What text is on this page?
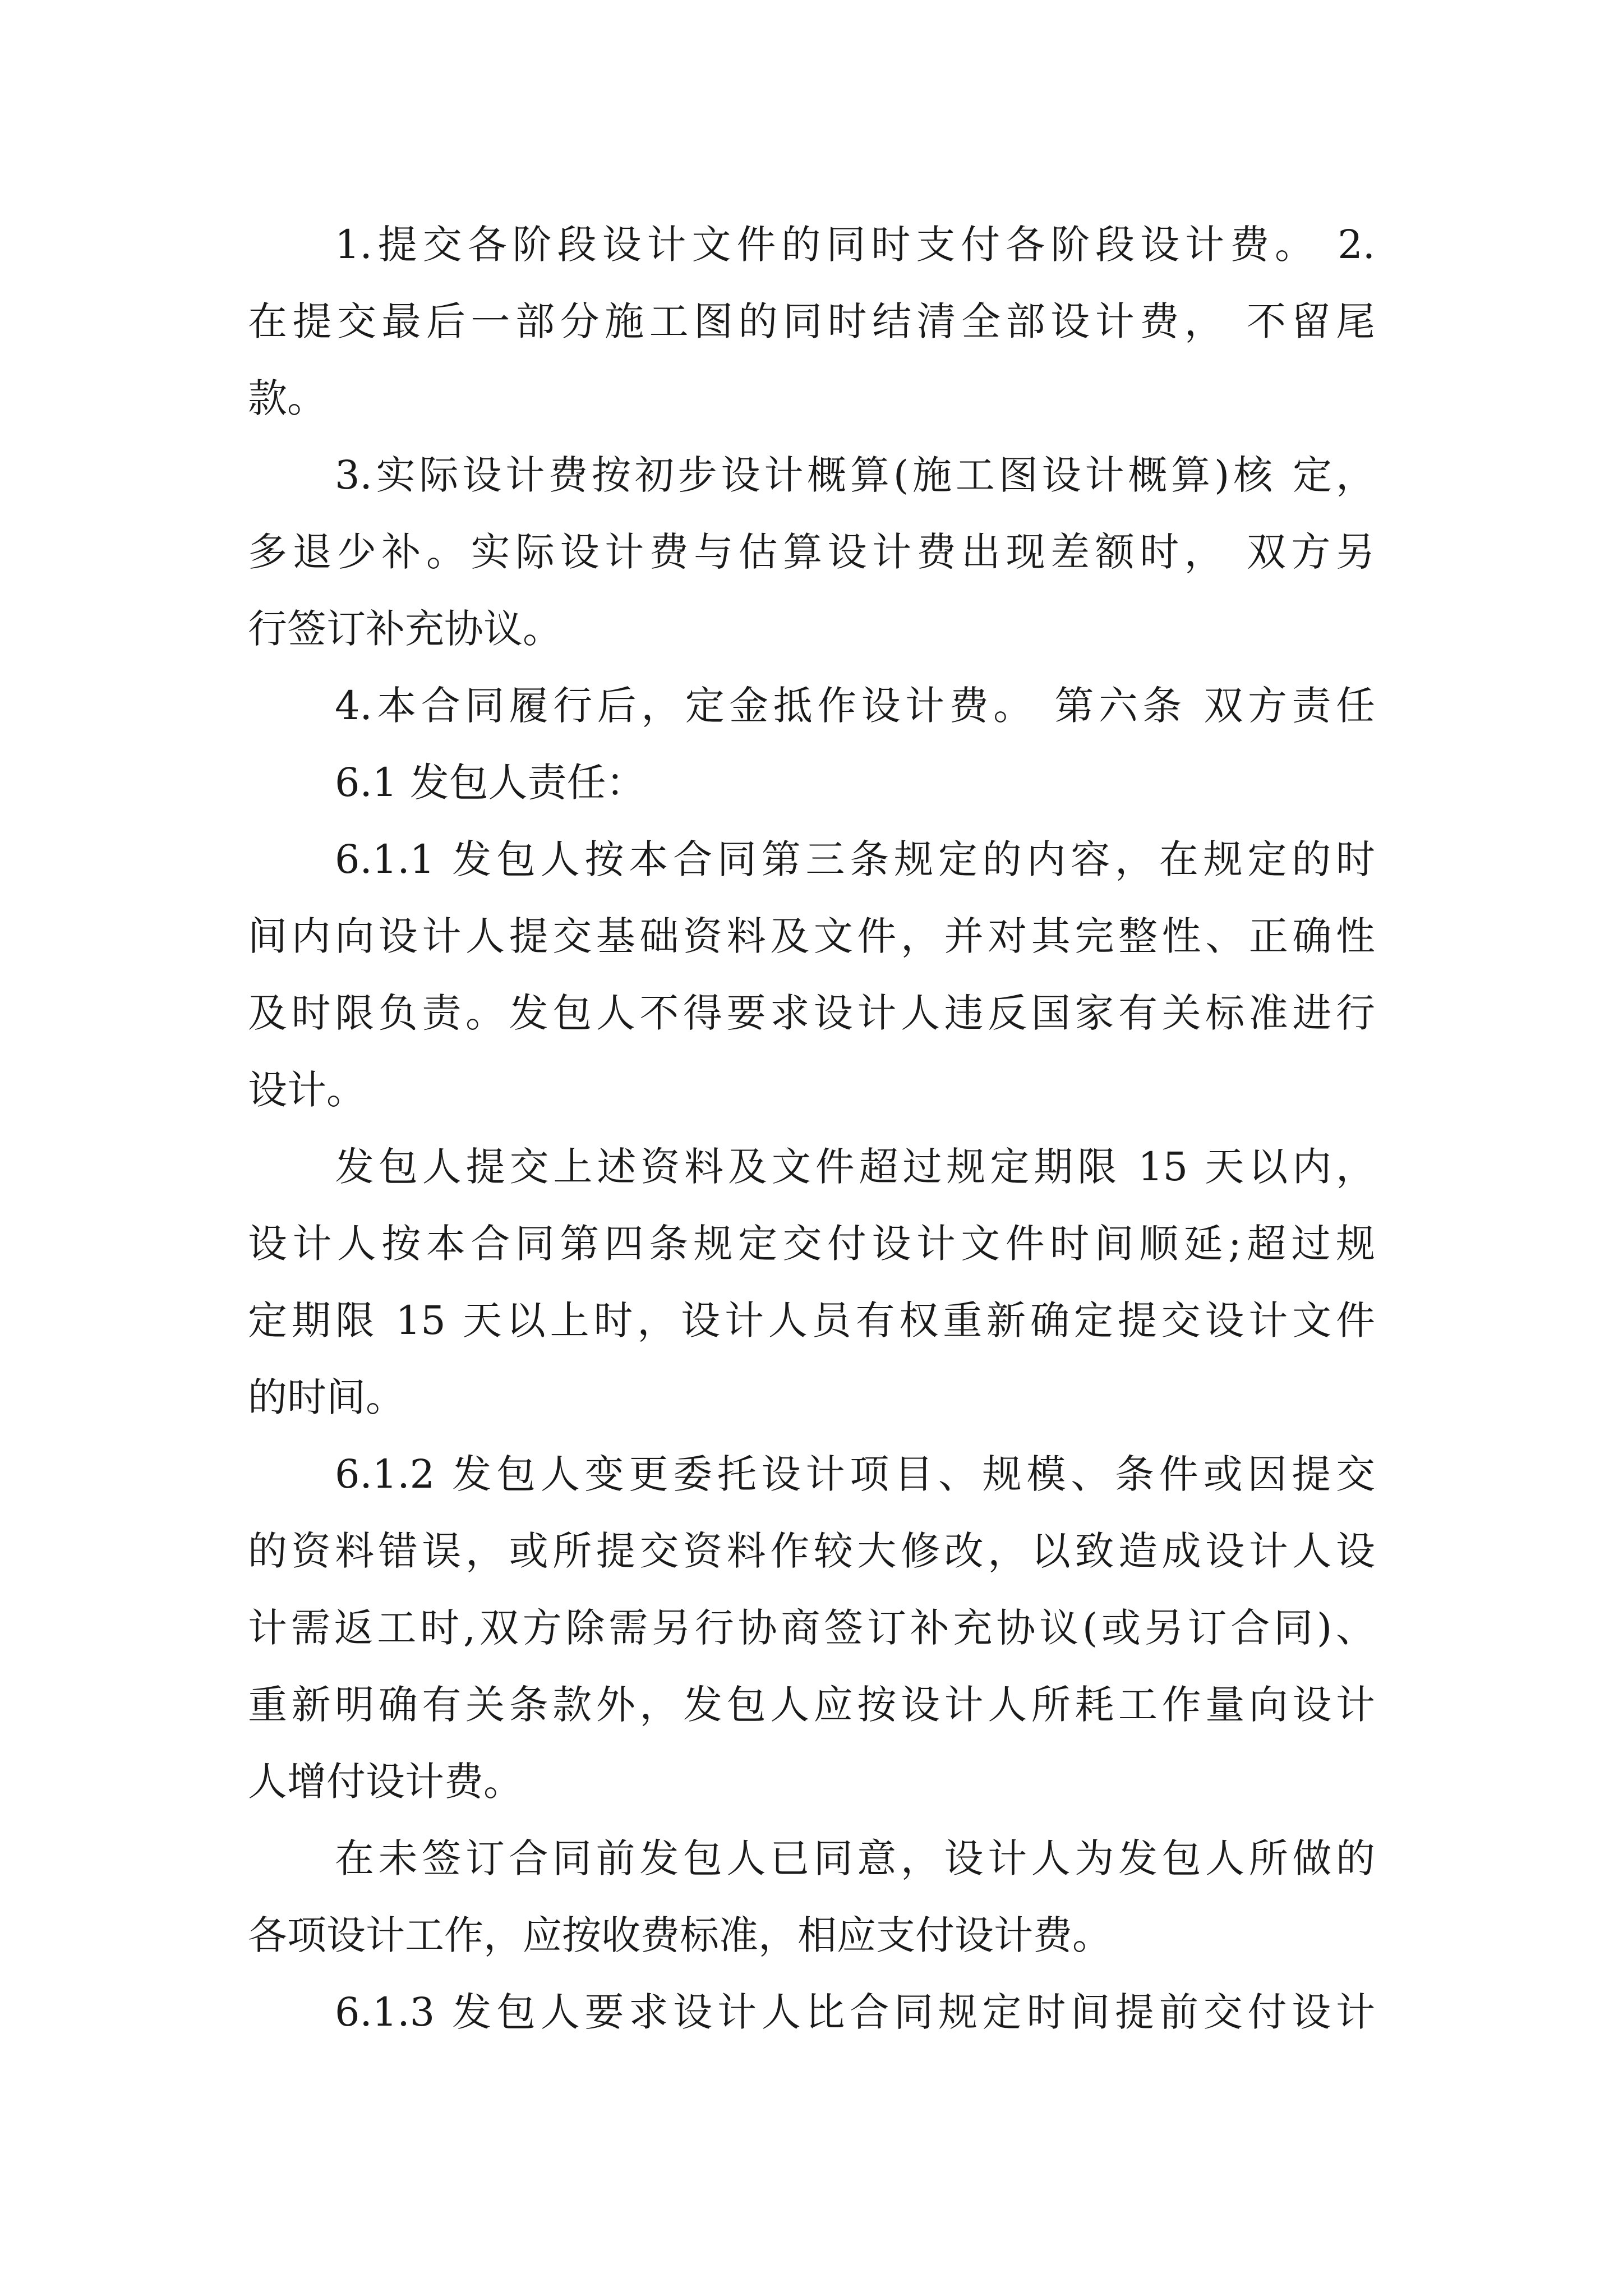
1.提交各阶段设计文件的同时支付各阶段设计费。 2.
在提交最后一部分施工图的同时结清全部设计费， 不留尾
款。
3.实际设计费按初步设计概算(施工图设计概算)核 定，
多退少补。实际设计费与估算设计费出现差额时， 双方另
行签订补充协议。
4.本合同履行后，定金抵作设计费。 第六条 双方责任
6.1 发包人责任：
6.1.1 发包人按本合同第三条规定的内容，在规定的时
间内向设计人提交基础资料及文件，并对其完整性、正确性
及时限负责。发包人不得要求设计人违反国家有关标准进行
设计。
发包人提交上述资料及文件超过规定期限 15 天以内，
设计人按本合同第四条规定交付设计文件时间顺延;超过规
定期限 15 天以上时，设计人员有权重新确定提交设计文件
的时间。
6.1.2 发包人变更委托设计项目、规模、条件或因提交
的资料错误，或所提交资料作较大修改，以致造成设计人设
计需返工时,双方除需另行协商签订补充协议(或另订合同)、
重新明确有关条款外，发包人应按设计人所耗工作量向设计
人增付设计费。
在未签订合同前发包人已同意，设计人为发包人所做的
各项设计工作，应按收费标准，相应支付设计费。
6.1.3 发包人要求设计人比合同规定时间提前交付设计
